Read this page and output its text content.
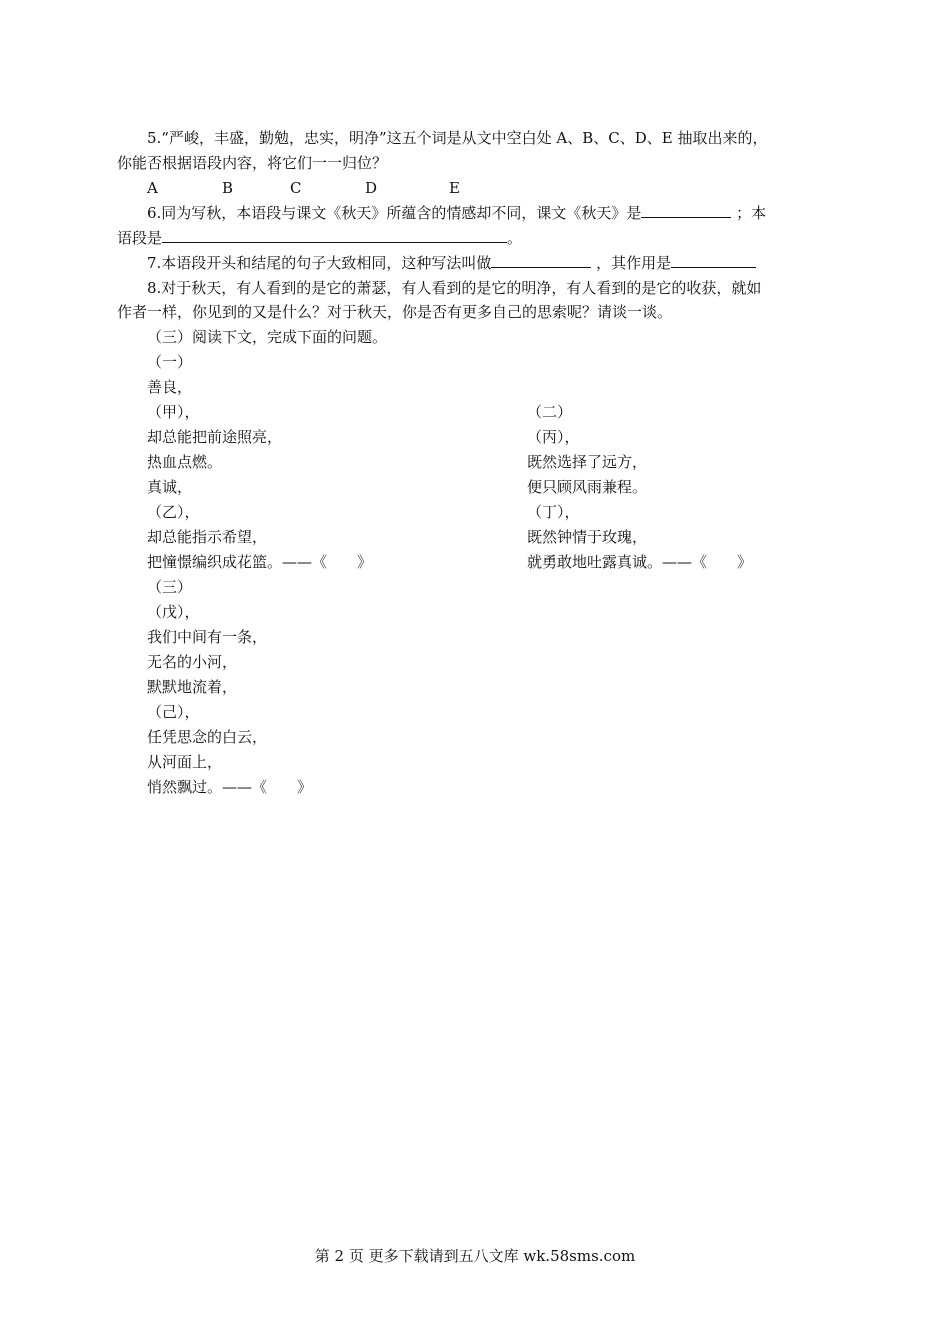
5.“严峻，丰盛，勤勉，忠实，明净”这五个词是从文中空白处 A、B、C、D、E 抽取出来的，
你能否根据语段内容，将它们一一归位？
A	B	C	D	E
6.同为写秋，本语段与课文《秋天》所蕴含的情感却不同，课文《秋天》是	；本
语段是	。
7.本语段开头和结尾的句子大致相同，这种写法叫做	，其作用是
8.对于秋天，有人看到的是它的萧瑟，有人看到的是它的明净，有人看到的是它的收获，就如
作者一样，你见到的又是什么？对于秋天，你是否有更多自己的思索呢？请谈一谈。
（三）阅读下文，完成下面的问题。
（一）
善良，
（甲），
却总能把前途照亮，
热血点燃。
真诚，
（乙），
却总能指示希望，
把憧憬编织成花篮。——《　　》
（二）
（丙），
既然选择了远方，
便只顾风雨兼程。
（丁），
既然钟情于玫瑰，
就勇敢地吐露真诚。——《　　》
（三）
（戊），
我们中间有一条，
无名的小河，
默默地流着，
（己），
任凭思念的白云，
从河面上，
悄然飘过。——《　　》
第 2 页 更多下载请到五八文库 wk.58sms.com
